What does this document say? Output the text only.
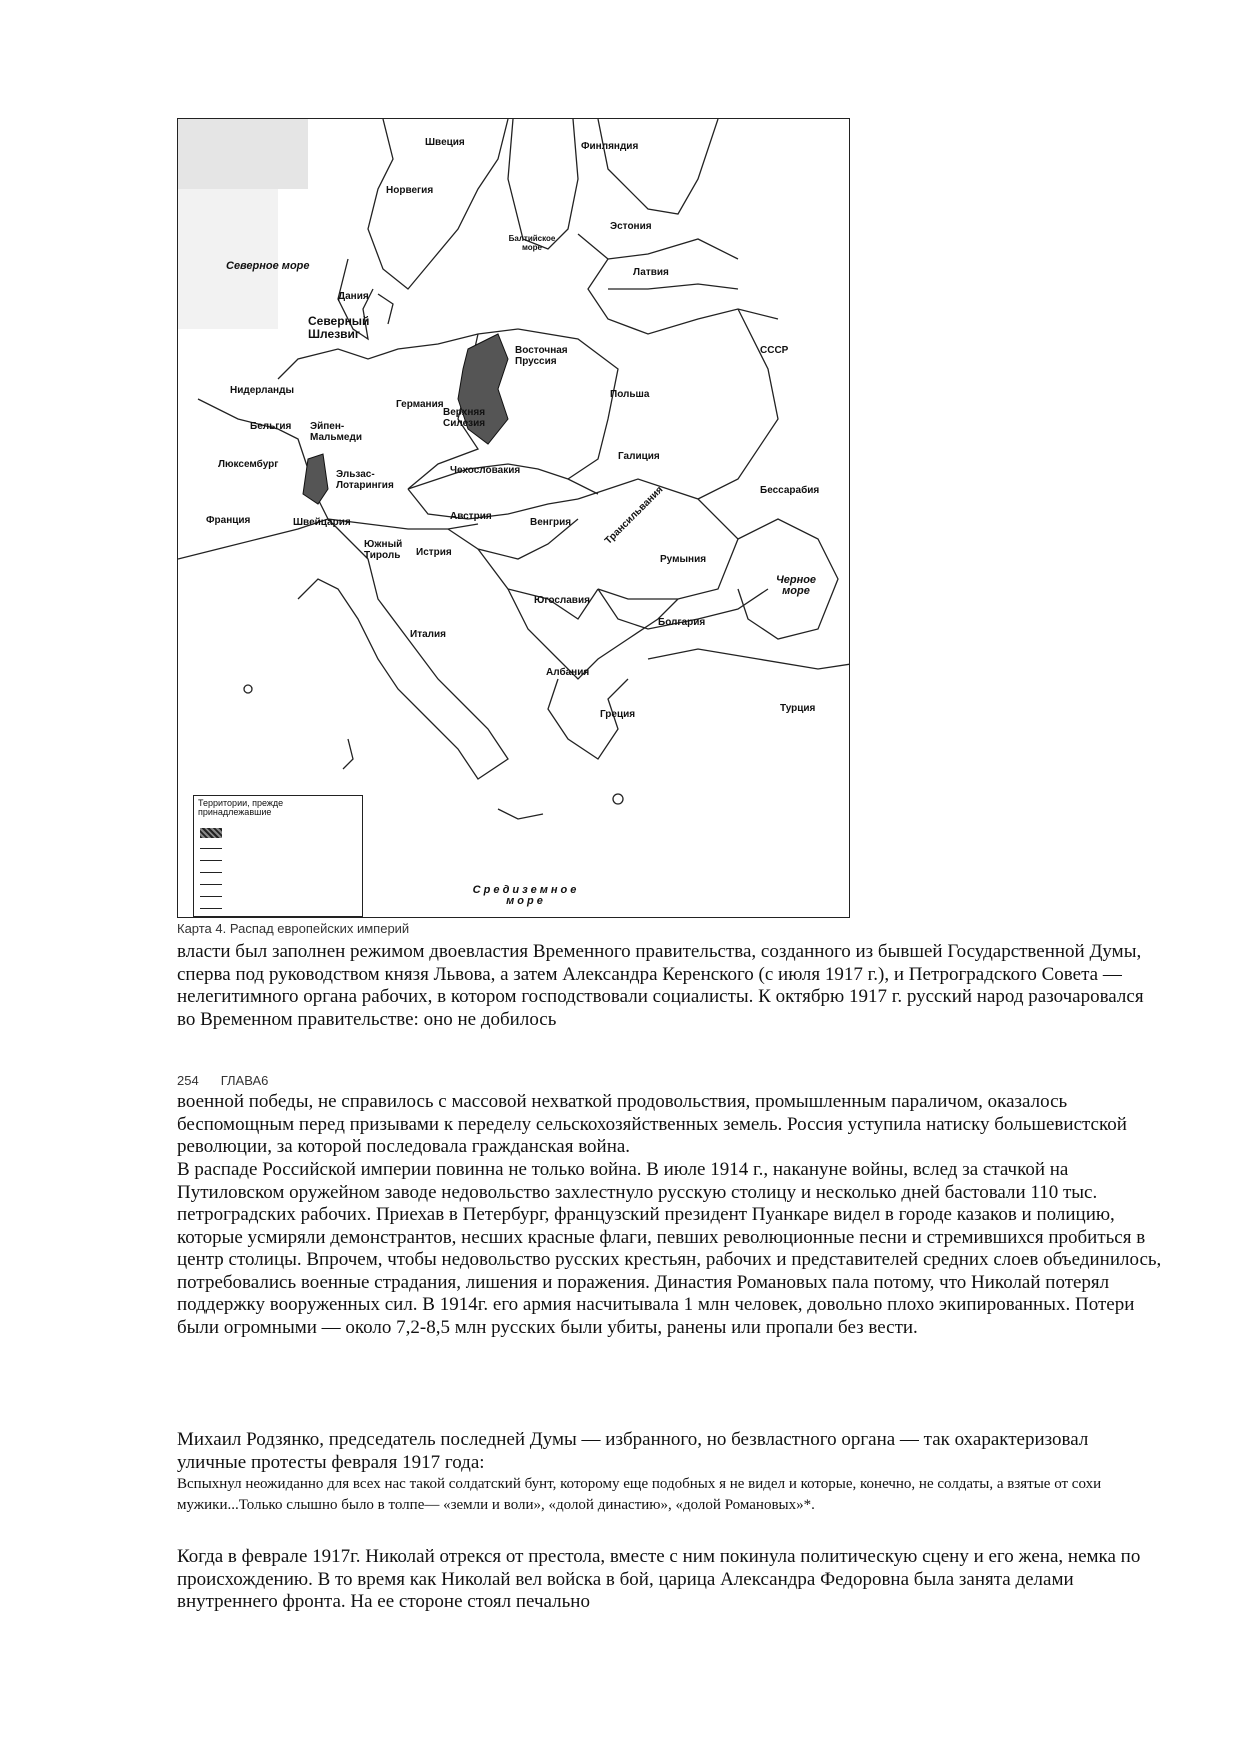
Швеция	Финляндия
Норвегия
Эстония
Балтийское море
Латвия
Северное море
Дания
Северный Шлезвиг
СССР
Восточная Пруссия
Польша
Нидерланды
Германия
Верхняя Силезия
Бельгия Эйпен-Мальмеди
Галиция
Люксембург
Чехословакия
Эльзас-Лотарингия	Бессарабия
Франция	Швейцария
Австрия
Венгрия	Трансильвания
Южный Тироль	Истрия
Румыния
Черное море
Югославия
Италия
Болгария
Албания
Греция
Турция
Средиземное море
Территории, прежде принадлежавшие
Карта 4. Распад европейских империй

власти был заполнен режимом двоевластия Временного правительства, созданного из бывшей Государственной Думы, сперва под руководством князя Львова, а затем Александра Керенского (с июля 1917 г.), и Петроградского Совета — нелегитимного органа рабочих, в котором господствовали социалисты. К октябрю 1917 г. русский народ разочаровался во Временном правительстве: оно не добилось

254 ГЛАВА6

военной победы, не справилось с массовой нехваткой продовольствия, промышленным параличом, оказалось беспомощным перед призывами к переделу сельскохозяйственных земель. Россия уступила натиску большевистской революции, за которой последовала гражданская война.

В распаде Российской империи повинна не только война. В июле 1914 г., накануне войны, вслед за стачкой на Путиловском оружейном заводе недовольство захлестнуло русскую столицу и несколько дней бастовали 110 тыс. петроградских рабочих. Приехав в Петербург, французский президент Пуанкаре видел в городе казаков и полицию, которые усмиряли демонстрантов, несших красные флаги, певших революционные песни и стремившихся пробиться в центр столицы. Впрочем, чтобы недовольство русских крестьян, рабочих и представителей средних слоев объединилось, потребовались военные страдания, лишения и поражения. Династия Романовых пала потому, что Николай потерял поддержку вооруженных сил. В 1914г. его армия насчитывала 1 млн человек, довольно плохо экипированных. Потери были огромными — около 7,2-8,5 млн русских были убиты, ранены или пропали без вести.

Михаил Родзянко, председатель последней Думы — избранного, но безвластного органа — так охарактеризовал уличные протесты февраля 1917 года:

Вспыхнул неожиданно для всех нас такой солдатский бунт, которому еще подобных я не видел и которые, конечно, не солдаты, а взятые от сохи мужики...Только слышно было в толпе— «земли и воли», «долой династию», «долой Романовых»*.

Когда в феврале 1917г. Николай отрекся от престола, вместе с ним покинула политическую сцену и его жена, немка по происхождению. В то время как Николай вел войска в бой, царица Александра Федоровна была занята делами внутреннего фронта. На ее стороне стоял печально
